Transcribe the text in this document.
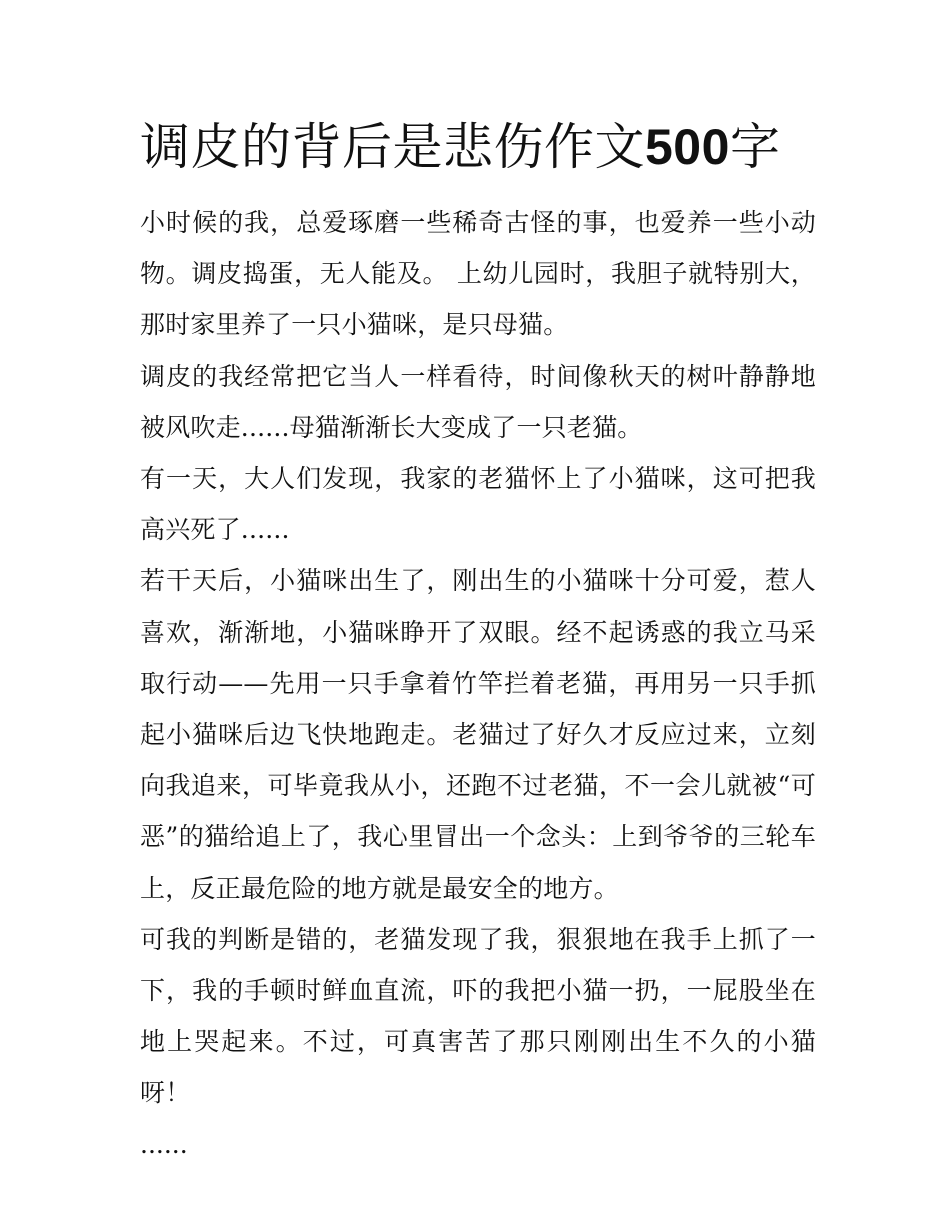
调皮的背后是悲伤作文500字

小时候的我，总爱琢磨一些稀奇古怪的事，也爱养一些小动物。调皮捣蛋，无人能及。 上幼儿园时，我胆子就特别大，那时家里养了一只小猫咪，是只母猫。

调皮的我经常把它当人一样看待，时间像秋天的树叶静静地被风吹走......母猫渐渐长大变成了一只老猫。

有一天，大人们发现，我家的老猫怀上了小猫咪，这可把我高兴死了......

若干天后，小猫咪出生了，刚出生的小猫咪十分可爱，惹人喜欢，渐渐地，小猫咪睁开了双眼。经不起诱惑的我立马采取行动——先用一只手拿着竹竿拦着老猫，再用另一只手抓起小猫咪后边飞快地跑走。老猫过了好久才反应过来，立刻向我追来，可毕竟我从小，还跑不过老猫，不一会儿就被“可恶”的猫给追上了，我心里冒出一个念头：上到爷爷的三轮车上，反正最危险的地方就是最安全的地方。

可我的判断是错的，老猫发现了我，狠狠地在我手上抓了一下，我的手顿时鲜血直流，吓的我把小猫一扔，一屁股坐在地上哭起来。不过，可真害苦了那只刚刚出生不久的小猫呀！

......
